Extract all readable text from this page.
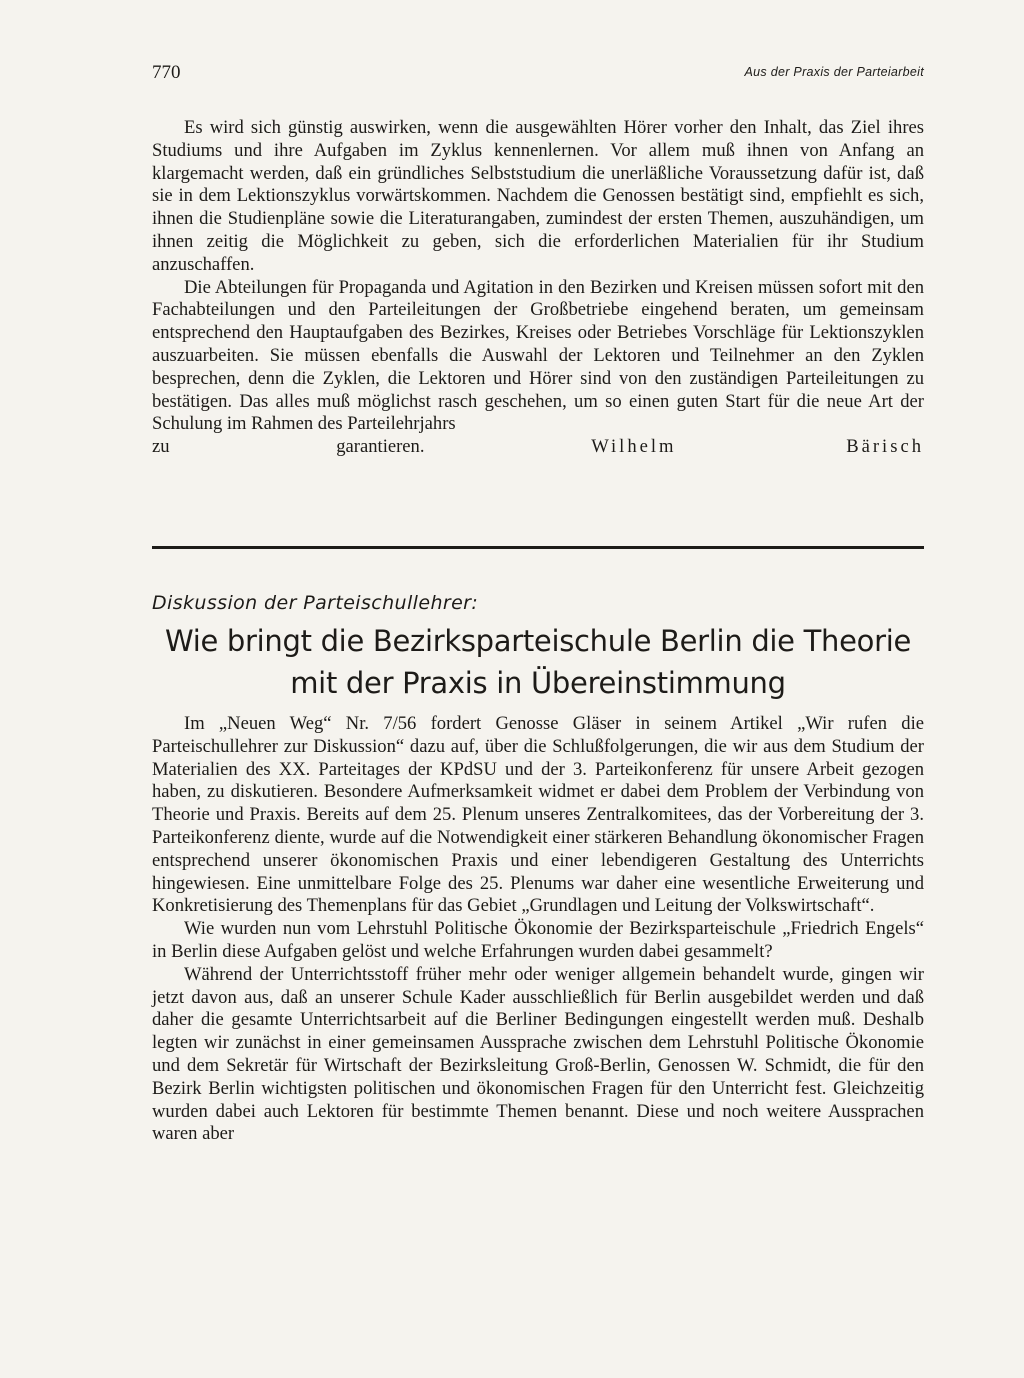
770	Aus der Praxis der Parteiarbeit

Es wird sich günstig auswirken, wenn die ausgewählten Hörer vorher den Inhalt, das Ziel ihres Studiums und ihre Aufgaben im Zyklus kennenlernen. Vor allem muß ihnen von Anfang an klargemacht werden, daß ein gründliches Selbststudium die unerläßliche Voraussetzung dafür ist, daß sie in dem Lektionszyklus vorwärtskommen. Nachdem die Genossen bestätigt sind, empfiehlt es sich, ihnen die Studienpläne sowie die Literaturangaben, zumindest der ersten Themen, auszuhändigen, um ihnen zeitig die Möglichkeit zu geben, sich die erforderlichen Materialien für ihr Studium anzuschaffen.

Die Abteilungen für Propaganda und Agitation in den Bezirken und Kreisen müssen sofort mit den Fachabteilungen und den Parteileitungen der Großbetriebe eingehend beraten, um gemeinsam entsprechend den Hauptaufgaben des Bezirkes, Kreises oder Betriebes Vorschläge für Lektionszyklen auszuarbeiten. Sie müssen ebenfalls die Auswahl der Lektoren und Teilnehmer an den Zyklen besprechen, denn die Zyklen, die Lektoren und Hörer sind von den zuständigen Parteileitungen zu bestätigen. Das alles muß möglichst rasch geschehen, um so einen guten Start für die neue Art der Schulung im Rahmen des Parteilehrjahrs

zu garantieren.	Wilhelm Bärisch

Diskussion der Parteischullehrer:
Wie bringt die Bezirksparteischule Berlin die Theorie
mit der Praxis in Übereinstimmung

Im „Neuen Weg“ Nr. 7/56 fordert Genosse Gläser in seinem Artikel „Wir rufen die Parteischullehrer zur Diskussion“ dazu auf, über die Schlußfolgerungen, die wir aus dem Studium der Materialien des XX. Parteitages der KPdSU und der 3. Parteikonferenz für unsere Arbeit gezogen haben, zu diskutieren. Besondere Aufmerksamkeit widmet er dabei dem Problem der Verbindung von Theorie und Praxis. Bereits auf dem 25. Plenum unseres Zentralkomitees, das der Vorbereitung der 3. Parteikonferenz diente, wurde auf die Notwendigkeit einer stärkeren Behandlung ökonomischer Fragen entsprechend unserer ökonomischen Praxis und einer lebendigeren Gestaltung des Unterrichts hingewiesen. Eine unmittelbare Folge des 25. Plenums war daher eine wesentliche Erweiterung und Konkretisierung des Themenplans für das Gebiet „Grundlagen und Leitung der Volkswirtschaft“.

Wie wurden nun vom Lehrstuhl Politische Ökonomie der Bezirksparteischule „Friedrich Engels“ in Berlin diese Aufgaben gelöst und welche Erfahrungen wurden dabei gesammelt?

Während der Unterrichtsstoff früher mehr oder weniger allgemein behandelt wurde, gingen wir jetzt davon aus, daß an unserer Schule Kader ausschließlich für Berlin ausgebildet werden und daß daher die gesamte Unterrichtsarbeit auf die Berliner Bedingungen eingestellt werden muß. Deshalb legten wir zunächst in einer gemeinsamen Aussprache zwischen dem Lehrstuhl Politische Ökonomie und dem Sekretär für Wirtschaft der Bezirksleitung Groß-Berlin, Genossen W. Schmidt, die für den Bezirk Berlin wichtigsten politischen und ökonomischen Fragen für den Unterricht fest. Gleichzeitig wurden dabei auch Lektoren für bestimmte Themen benannt. Diese und noch weitere Aussprachen waren aber
